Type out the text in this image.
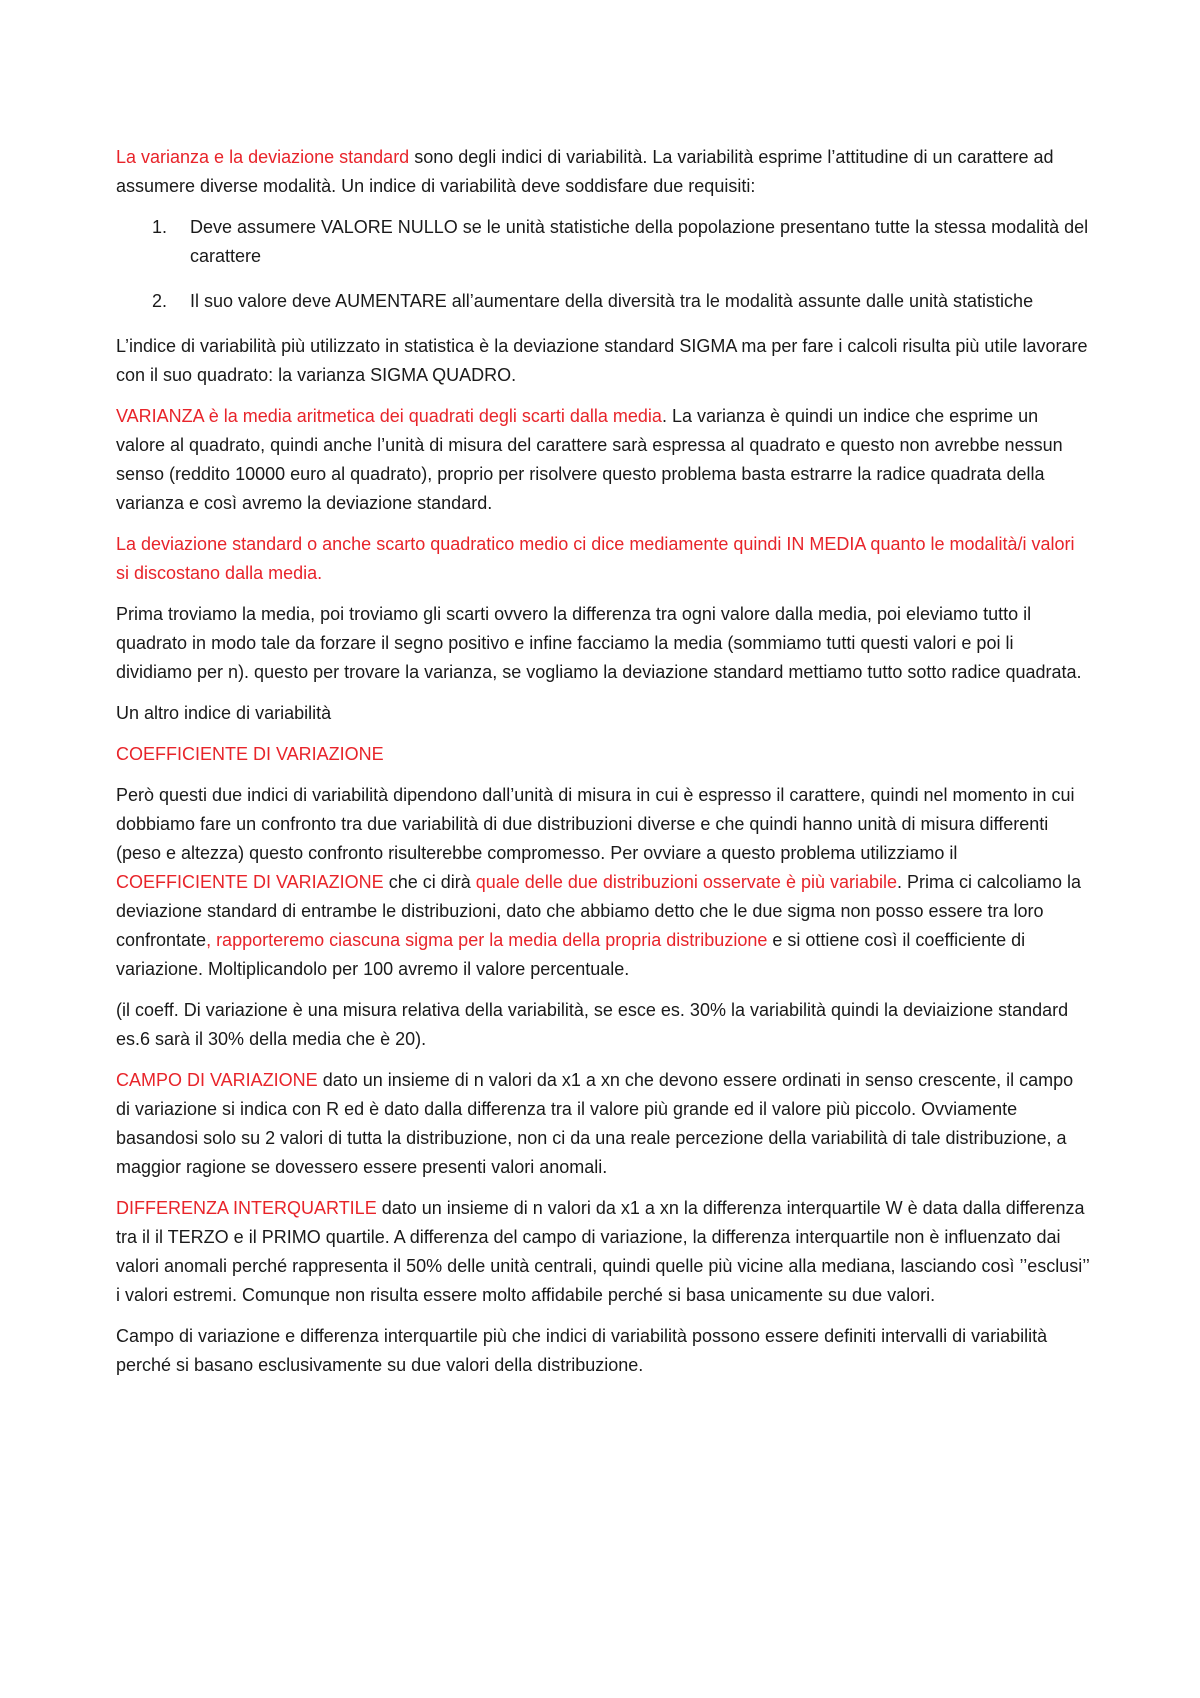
La varianza e la deviazione standard sono degli indici di variabilità. La variabilità esprime l’attitudine di un carattere ad assumere diverse modalità. Un indice di variabilità deve soddisfare due requisiti:

1. Deve assumere VALORE NULLO se le unità statistiche della popolazione presentano tutte la stessa modalità del carattere
2. Il suo valore deve AUMENTARE all’aumentare della diversità tra le modalità assunte dalle unità statistiche

L’indice di variabilità più utilizzato in statistica è la deviazione standard SIGMA ma per fare i calcoli risulta più utile lavorare con il suo quadrato: la varianza SIGMA QUADRO.

VARIANZA è la media aritmetica dei quadrati degli scarti dalla media. La varianza è quindi un indice che esprime un valore al quadrato, quindi anche l’unità di misura del carattere sarà espressa al quadrato e questo non avrebbe nessun senso (reddito 10000 euro al quadrato), proprio per risolvere questo problema basta estrarre la radice quadrata della varianza e così avremo la deviazione standard.

La deviazione standard o anche scarto quadratico medio ci dice mediamente quindi IN MEDIA quanto le modalità/i valori si discostano dalla media.

Prima troviamo la media, poi troviamo gli scarti ovvero la differenza tra ogni valore dalla media, poi eleviamo tutto il quadrato in modo tale da forzare il segno positivo e infine facciamo la media (sommiamo tutti questi valori e poi li dividiamo per n). questo per trovare la varianza, se vogliamo la deviazione standard mettiamo tutto sotto radice quadrata.

Un altro indice di variabilità

COEFFICIENTE DI VARIAZIONE

Però questi due indici di variabilità dipendono dall’unità di misura in cui è espresso il carattere, quindi nel momento in cui dobbiamo fare un confronto tra due variabilità di due distribuzioni diverse e che quindi hanno unità di misura differenti (peso e altezza) questo confronto risulterebbe compromesso. Per ovviare a questo problema utilizziamo il COEFFICIENTE DI VARIAZIONE che ci dirà quale delle due distribuzioni osservate è più variabile. Prima ci calcoliamo la deviazione standard di entrambe le distribuzioni, dato che abbiamo detto che le due sigma non posso essere tra loro confrontate, rapporteremo ciascuna sigma per la media della propria distribuzione e si ottiene così il coefficiente di variazione. Moltiplicandolo per 100 avremo il valore percentuale.

(il coeff. Di variazione è una misura relativa della variabilità, se esce es. 30% la variabilità quindi la deviaizione standard es.6 sarà il 30% della media che è 20).

CAMPO DI VARIAZIONE dato un insieme di n valori da x1 a xn che devono essere ordinati in senso crescente, il campo di variazione si indica con R ed è dato dalla differenza tra il valore più grande ed il valore più piccolo. Ovviamente basandosi solo su 2 valori di tutta la distribuzione, non ci da una reale percezione della variabilità di tale distribuzione, a maggior ragione se dovessero essere presenti valori anomali.

DIFFERENZA INTERQUARTILE dato un insieme di n valori da x1 a xn la differenza interquartile W è data dalla differenza tra il il TERZO e il PRIMO quartile. A differenza del campo di variazione, la differenza interquartile non è influenzato dai valori anomali perché rappresenta il 50% delle unità centrali, quindi quelle più vicine alla mediana, lasciando così ’’esclusi’’ i valori estremi. Comunque non risulta essere molto affidabile perché si basa unicamente su due valori.

Campo di variazione e differenza interquartile più che indici di variabilità possono essere definiti intervalli di variabilità perché si basano esclusivamente su due valori della distribuzione.
